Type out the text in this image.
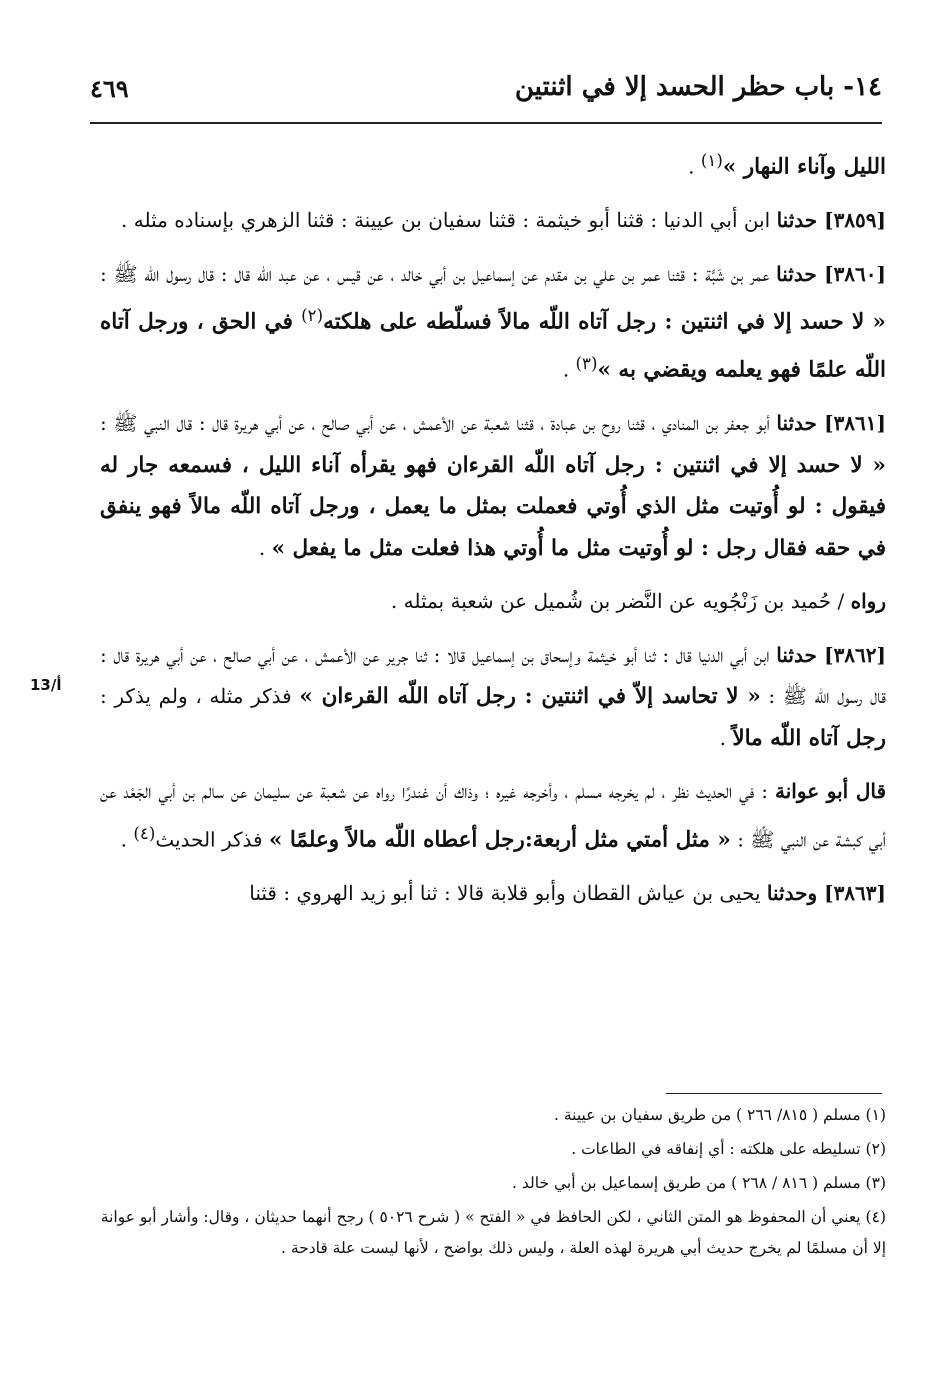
١٤- باب حظر الحسد إلا في اثنتين
٤٦٩
13/أ

الليل وآناء النهار »$^{(١)}$ .

[٣٨٥٩] حدثنا ابن أبي الدنيا : قثنا أبو خيثمة : قثنا سفيان بن عيينة : قثنا الزهري بإسناده مثله .

[٣٨٦٠] حدثنا عمر بن شَبَّة : قثنا عمر بن علي بن مقدم عن إسماعيل بن أبي خالد ، عن قيس ، عن عبد اللّه قال : قال رسول اللّه ﷺ : « لا حسد إلا في اثنتين : رجل آتاه اللّه مالاً فسلّطه على هلكته$^{(٢)}$ في الحق ، ورجل آتاه اللّه علمًا فهو يعلمه ويقضي به »$^{(٣)}$ .

[٣٨٦١] حدثنا أبو جعفر بن المنادي ، قثنا روح بن عبادة ، قثنا شعبة عن الأعمش ، عن أبي صالح ، عن أبي هريرة قال : قال النبي ﷺ : « لا حسد إلا في اثنتين : رجل آتاه اللّه القرءان فهو يقرأه آناء الليل ، فسمعه جار له فيقول : لو أُوتيت مثل الذي أُوتي فعملت بمثل ما يعمل ، ورجل آتاه اللّه مالاً فهو ينفق في حقه فقال رجل : لو أُوتيت مثل ما أُوتي هذا فعلت مثل ما يفعل » .

رواه / حُميد بن زَنْجُويه عن النَّضر بن شُميل عن شعبة بمثله .

[٣٨٦٢] حدثنا ابن أبي الدنيا قال : ثنا أبو خيثمة وإسحاق بن إسماعيل قالا : ثنا جرير عن الأعمش ، عن أبي صالح ، عن أبي هريرة قال : قال رسول اللّه ﷺ : « لا تحاسد إلاّ في اثنتين : رجل آتاه اللّه القرءان » فذكر مثله ، ولم يذكر : رجل آتاه اللّه مالاً .

قال أبو عوانة : في الحديث نظر ، لم يخرجه مسلم ، وأخرجه غيره ؛ وذاك أن غندرًا رواه عن شعبة عن سليمان عن سالم بن أبي الجَعْد عن أبي كبشة عن النبي ﷺ : « مثل أمتي مثل أربعة:رجل أعطاه اللّه مالاً وعلمًا » فذكر الحديث$^{(٤)}$ .

[٣٨٦٣] وحدثنا يحيى بن عياش القطان وأبو قلابة قالا : ثنا أبو زيد الهروي : قثنا

(١) مسلم ( ٨١٥/ ٢٦٦ ) من طريق سفيان بن عيينة .

(٢) تسليطه على هلكته : أي إنفاقه في الطاعات .

(٣) مسلم ( ٨١٦ / ٢٦٨ ) من طريق إسماعيل بن أبي خالد .

(٤) يعني أن المحفوظ هو المتن الثاني ، لكن الحافظ في « الفتح » ( شرح ٥٠٢٦ ) رجح أنهما حديثان ، وقال: وأشار أبو عوانة إلا أن مسلمًا لم يخرج حديث أبي هريرة لهذه العلة ، وليس ذلك بواضح ، لأنها ليست علة قادحة .
